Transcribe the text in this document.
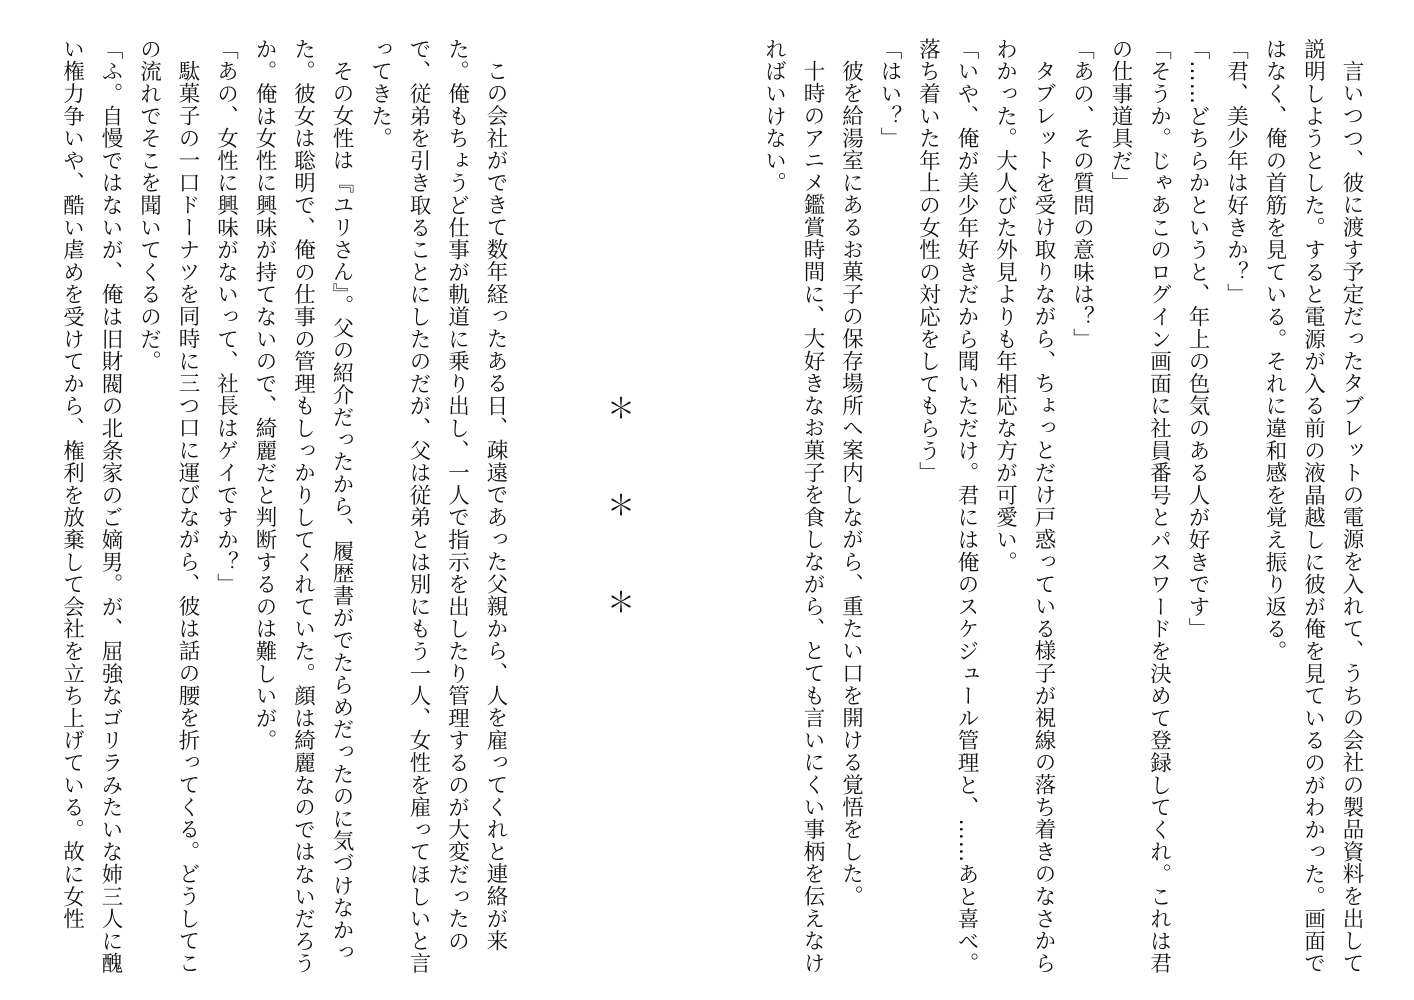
言いつつ、彼に渡す予定だったタブレットの電源を入れて、うちの会社の製品資料を出して説明しようとした。すると電源が入る前の液晶越しに彼が俺を見ているのがわかった。画面ではなく、俺の首筋を見ている。それに違和感を覚え振り返る。

「君、美少年は好きか？」

「……どちらかというと、年上の色気のある人が好きです」

「そうか。じゃあこのログイン画面に社員番号とパスワードを決めて登録してくれ。これは君の仕事道具だ」

「あの、その質問の意味は？」

タブレットを受け取りながら、ちょっとだけ戸惑っている様子が視線の落ち着きのなさからわかった。大人びた外見よりも年相応な方が可愛い。

「いや、俺が美少年好きだから聞いただけ。君には俺のスケジュール管理と、……あと喜べ。落ち着いた年上の女性の対応をしてもらう」

「はい？」

彼を給湯室にあるお菓子の保存場所へ案内しながら、重たい口を開ける覚悟をした。

十時のアニメ鑑賞時間に、大好きなお菓子を食しながら、とても言いにくい事柄を伝えなければいけない。

＊
＊
＊

この会社ができて数年経ったある日、疎遠であった父親から、人を雇ってくれと連絡が来た。俺もちょうど仕事が軌道に乗り出し、一人で指示を出したり管理するのが大変だったので、従弟を引き取ることにしたのだが、父は従弟とは別にもう一人、女性を雇ってほしいと言ってきた。

その女性は『ユリさん』。父の紹介だったから、履歴書がでたらめだったのに気づけなかった。彼女は聡明で、俺の仕事の管理もしっかりしてくれていた。顔は綺麗なのではないだろうか。俺は女性に興味が持てないので、綺麗だと判断するのは難しいが。

「あの、女性に興味がないって、社長はゲイですか？」

駄菓子の一口ドーナツを同時に三つ口に運びながら、彼は話の腰を折ってくる。どうしてこの流れでそこを聞いてくるのだ。

「ふ。自慢ではないが、俺は旧財閥の北条家のご嫡男。が、屈強なゴリラみたいな姉三人に醜い権力争いや、酷い虐めを受けてから、権利を放棄して会社を立ち上げている。故に女性
